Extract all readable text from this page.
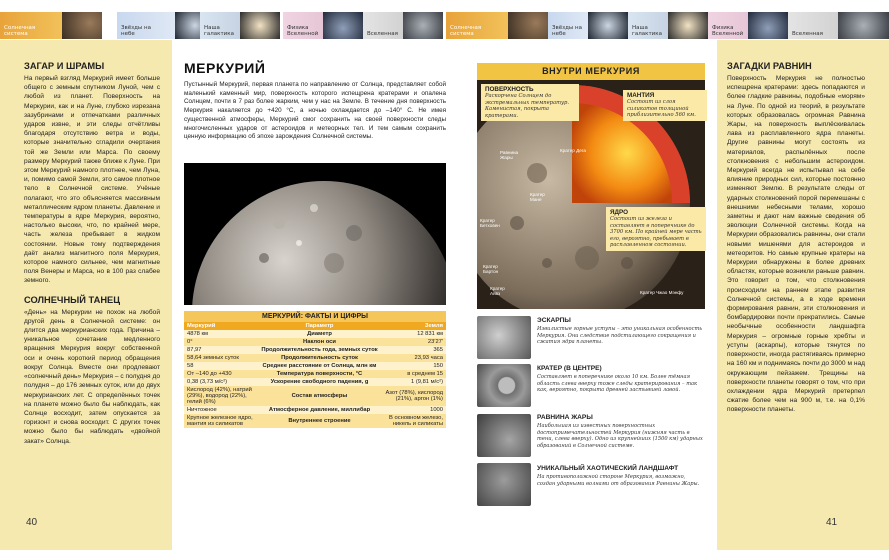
Солнечная система
Звёзды на небе
Наша галактика
Физика Вселенной	Вселенная
Солнечная система
Звёзды на небе
Наша галактика
Физика Вселенной	Вселенная
ЗАГАР И ШРАМЫ

На первый взгляд Меркурий имеет больше общего с земным спутником Луной, чем с любой из планет. Поверхность на Меркурии, как и на Луне, глубоко изрезана зазубринами и отпечатками различных ударов извне, и эти следы отчётливы благодаря отсутствию ветра и воды, которые значительно сгладили очертания той же Земли или Марса. По своему размеру Меркурий также ближе к Луне. При этом Меркурий намного плотнее, чем Луна, и, помимо самой Земли, это самое плотное тело в Солнечной системе. Учёные полагают, что это объясняется массивным металлическим ядром планеты. Давление и температуры в ядре Меркурия, вероятно, настолько высоки, что, по крайней мере, часть железа пребывает в жидком состоянии. Новые тому подтверждения даёт анализ магнитного поля Меркурия, которое намного сильнее, чем магнитные поля Венеры и Марса, но в 100 раз слабее земного.

СОЛНЕЧНЫЙ ТАНЕЦ

«День» на Меркурии не похож на любой другой день в Солнечной системе: он длится два меркурианских года. Причина – уникальное сочетание медленного вращения Меркурия вокруг собственной оси и очень короткий период обращения вокруг Солнца. Вместе они продлевают «солнечный день» Меркурия – с полудня до полудня – до 176 земных суток, или до двух меркурианских лет. С определённых точек на планете можно было бы наблюдать, как Солнце восходит, затем опускается за горизонт и снова восходит. С других точек можно было бы наблюдать «двойной закат» Солнца.

40
МЕРКУРИЙ

Пустынный Меркурий, первая планета по направлению от Солнца, представляет собой маленький каменный мир, поверхность которого испещрена кратерами и опалена Солнцем, почти в 7 раз более жарким, чем у нас на Земле. В течение дня поверхность Меркурия накаляется до +420 °C, а ночью охлаждается до –140° С. Не имея существенной атмосферы, Меркурий смог сохранить на своей поверхности следы многочисленных ударов от астероидов и метеорных тел. И тем самым сохранить ценную информацию об эпохе зарождения Солнечной системы.

МЕРКУРИЙ: ФАКТЫ И ЦИФРЫ
Меркурий	Параметр	Земля
4878 км	Диаметр	12 831 км
0°	Наклон оси	23'27'
87,97	Продолжительность года, земных суток	365
58,64 земных суток	Продолжительность суток	23,93 часа
58	Среднее расстояние от Солнца, млн км	150
От –140 до +430	Температура поверхности, °C	в среднем 15
0,38 (3,73 м/с²)	Ускорение свободного падения, g	1 (9,81 м/с²)
Кислород (42%), натрий (29%), водород (22%), гелий (6%)	Состав атмосферы	Азот (78%), кислород (21%), аргон (1%)
Ничтожное	Атмосферное давление, миллибар	1000
Крупное железное ядро, мантия из силикатов	Внутреннее строение	В основном железо, никель и силикаты
ВНУТРИ МЕРКУРИЯ
ПОВЕРХНОСТЬ

Раскорчена Солнцем до экстремальных температур. Каменистая, покрыта кратерами.

МАНТИЯ

Состоит из слоя силикатов толщиной приблизительно 560 км.

ЯДРО

Состоит из железа и составляет в поперечнике до 3700 км. По крайней мере часть его, вероятно, пребывает в расплавленном состоянии.

Равнина Жары
Кратер Дега
Кратер Мане
Кратер Бетховен
Кратер Бартон
Кратер Айвз	Кратер Чжао Мэнфу
ЭСКАРПЫ

Извилистые горные уступы – это уникальная особенность Меркурия. Они следствие подстилающего сокращения и сжатия ядра планеты.

КРАТЕР (В ЦЕНТРЕ)

Составляет в поперечнике около 10 км. Более тёмная область слева вверху тоже следы кратерирования – так как, вероятно, покрыта древней застывшей лавой.

РАВНИНА ЖАРЫ

Наибольшая из известных поверхностных достопримечательностей Меркурия (нижняя часть в тени, слева вверху). Одно из крупнейших (1500 км) ударных образований в Солнечной системе.

УНИКАЛЬНЫЙ ХАОТИЧЕСКИЙ ЛАНДШАФТ

На противоположной стороне Меркурия, возможно, создан ударными волнами от образования Равнины Жары.

ЗАГАДКИ РАВНИН

Поверхность Меркурия не полностью испещрена кратерами: здесь попадаются и более гладкие равнины, подобные «морям» на Луне. По одной из теорий, в результате которых образовалась огромная Равнина Жары, на поверхность выплёскивалась лава из расплавленного ядра планеты. Другие равнины могут состоять из материалов, распылённых после столкновения с небольшим астероидом. Меркурий всегда не испытывал на себе влияние природных сил, которые постоянно изменяют Землю. В результате следы от ударных столкновений порой перемешаны с внешними небесными телами, хорошо заметны и дают нам важные сведения об эволюции Солнечной системы. Когда на Меркурии образовались равнины, они стали новыми мишенями для астероидов и метеоритов. Но самые крупные кратеры на Меркурии обнаружены в более древних областях, которые возникли раньше равнин. Это говорит о том, что столкновения происходили на раннем этапе развития Солнечной системы, а в ходе времени формирования равнин, эти столкновения и бомбардировки почти прекратились. Самые необычные особенности ландшафта Меркурия – огромные горные хребты и уступы (аскарпы), которые тянутся по поверхности, иногда растягиваясь примерно на 160 км и поднимаясь почти до 3000 м над окружающим пейзажем. Трещины на поверхности планеты говорят о том, что при охлаждении ядра Меркурий претерпел сжатие более чем на 900 м, т.е. на 0,1% поверхности планеты.

41
